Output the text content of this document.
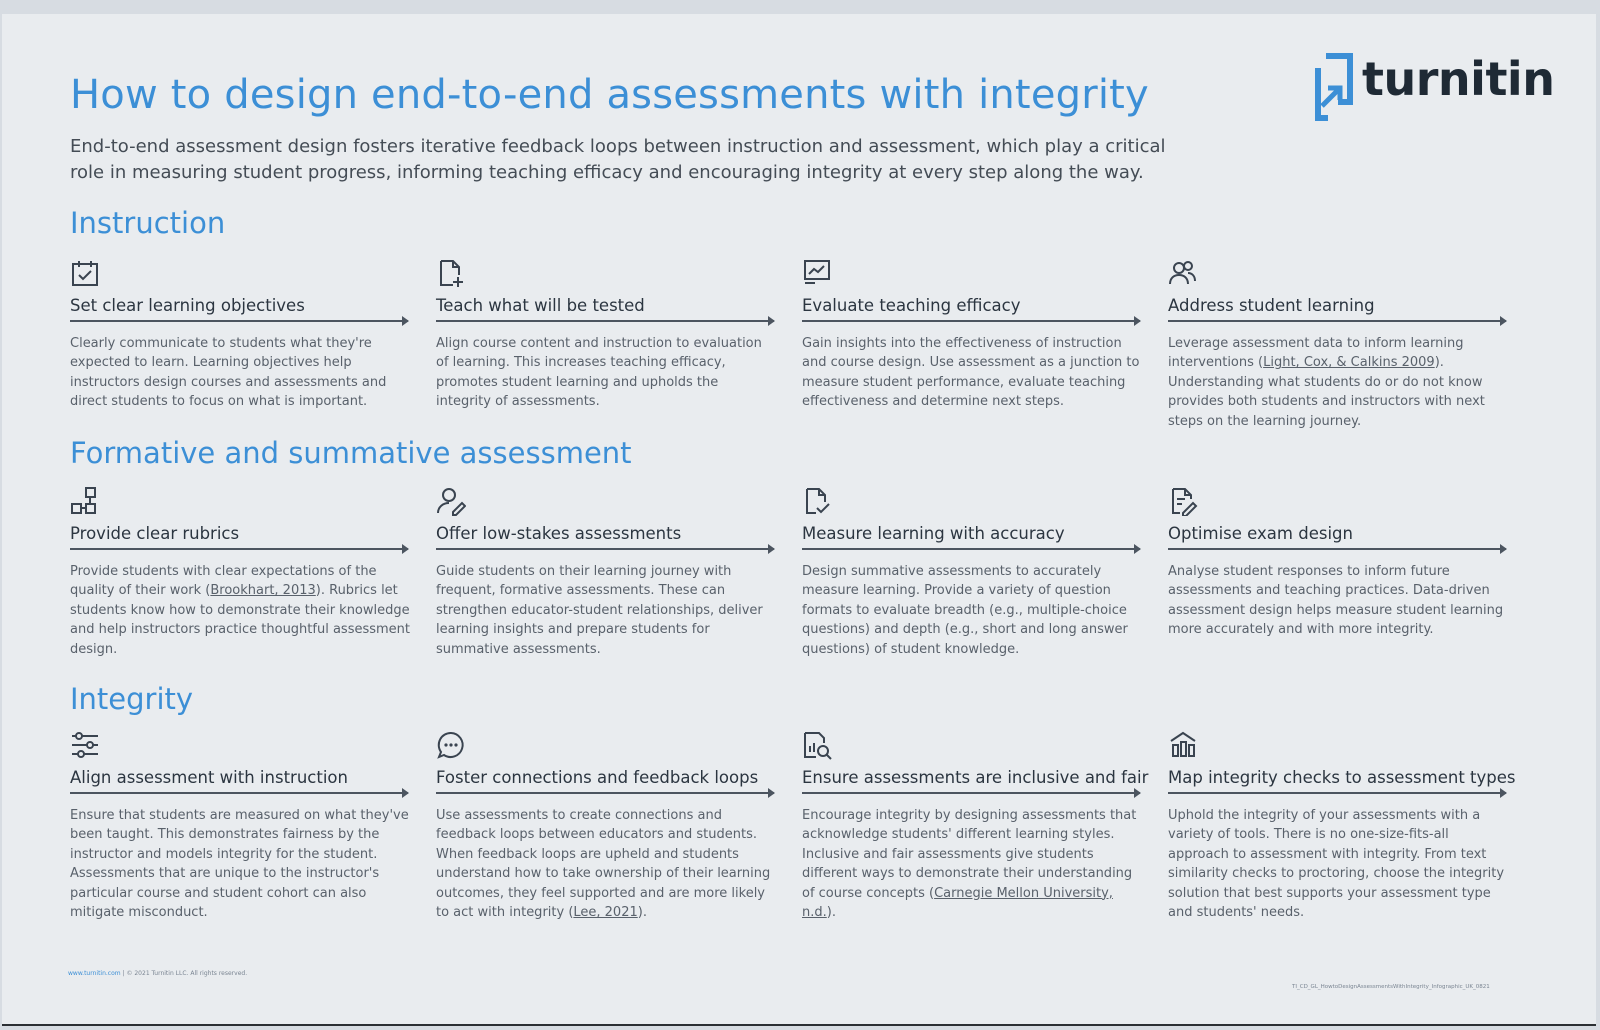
How to design end-to-end assessments with integrity
End-to-end assessment design fosters iterative feedback loops between instruction and assessment, which play a critical role in measuring student progress, informing teaching efficacy and encouraging integrity at every step along the way.
turnitin
Instruction
Set clear learning objectives
Clearly communicate to students what they're expected to learn. Learning objectives help instructors design courses and assessments and direct students to focus on what is important.
Teach what will be tested
Align course content and instruction to evaluation of learning. This increases teaching efficacy, promotes student learning and upholds the integrity of assessments.
Evaluate teaching efficacy
Gain insights into the effectiveness of instruction and course design. Use assessment as a junction to measure student performance, evaluate teaching effectiveness and determine next steps.
Address student learning
Leverage assessment data to inform learning interventions (Light, Cox, & Calkins 2009). Understanding what students do or do not know provides both students and instructors with next steps on the learning journey.
Formative and summative assessment
Provide clear rubrics
Provide students with clear expectations of the quality of their work (Brookhart, 2013). Rubrics let students know how to demonstrate their knowledge and help instructors practice thoughtful assessment design.
Offer low-stakes assessments
Guide students on their learning journey with frequent, formative assessments. These can strengthen educator-student relationships, deliver learning insights and prepare students for summative assessments.
Measure learning with accuracy
Design summative assessments to accurately measure learning. Provide a variety of question formats to evaluate breadth (e.g., multiple-choice questions) and depth (e.g., short and long answer questions) of student knowledge.
Optimise exam design
Analyse student responses to inform future assessments and teaching practices. Data-driven assessment design helps measure student learning more accurately and with more integrity.
Integrity
Align assessment with instruction
Ensure that students are measured on what they've been taught. This demonstrates fairness by the instructor and models integrity for the student. Assessments that are unique to the instructor's particular course and student cohort can also mitigate misconduct.
Foster connections and feedback loops
Use assessments to create connections and feedback loops between educators and students. When feedback loops are upheld and students understand how to take ownership of their learning outcomes, they feel supported and are more likely to act with integrity (Lee, 2021).
Ensure assessments are inclusive and fair
Encourage integrity by designing assessments that acknowledge students' different learning styles. Inclusive and fair assessments give students different ways to demonstrate their understanding of course concepts (Carnegie Mellon University, n.d.).
Map integrity checks to assessment types
Uphold the integrity of your assessments with a variety of tools. There is no one-size-fits-all approach to assessment with integrity. From text similarity checks to proctoring, choose the integrity solution that best supports your assessment type and students' needs.
www.turnitin.com | © 2021 Turnitin LLC. All rights reserved.
TI_CD_GL_HowtoDesignAssessmentsWithIntegrity_Infographic_UK_0821
